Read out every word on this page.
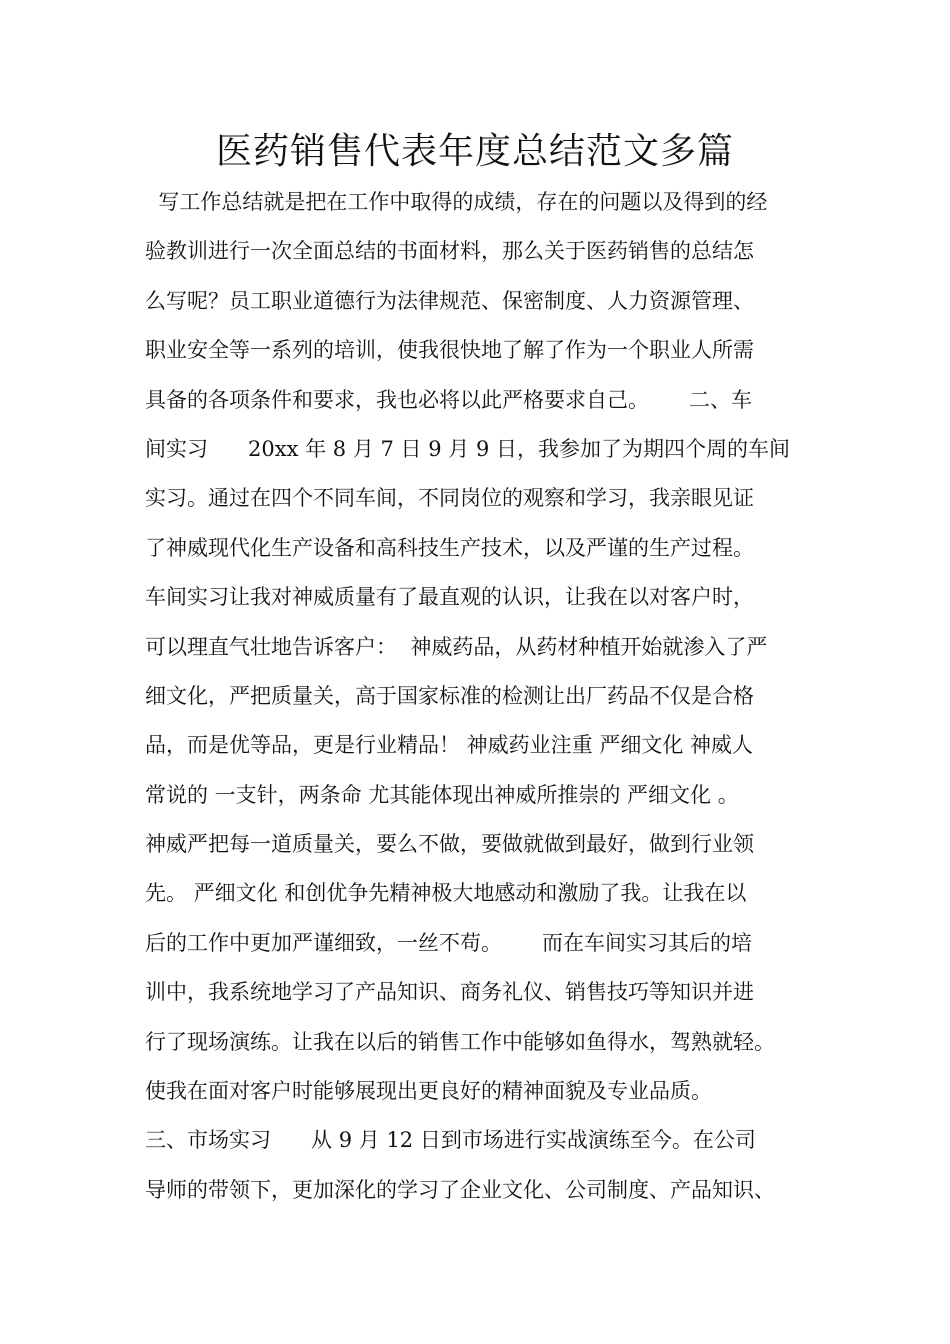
医药销售代表年度总结范文多篇
写工作总结就是把在工作中取得的成绩，存在的问题以及得到的经
验教训进行一次全面总结的书面材料，那么关于医药销售的总结怎
么写呢？员工职业道德行为法律规范、保密制度、人力资源管理、
职业安全等一系列的培训，使我很快地了解了作为一个职业人所需
具备的各项条件和要求，我也必将以此严格要求自己。      二、车
间实习      20xx 年 8 月 7 日 9 月 9 日，我参加了为期四个周的车间
实习。通过在四个不同车间，不同岗位的观察和学习，我亲眼见证
了神威现代化生产设备和高科技生产技术，以及严谨的生产过程。
车间实习让我对神威质量有了最直观的认识，让我在以对客户时，
可以理直气壮地告诉客户：  神威药品，从药材种植开始就渗入了严
细文化，严把质量关，高于国家标准的检测让出厂药品不仅是合格
品，而是优等品，更是行业精品！ 神威药业注重 严细文化 神威人
常说的 一支针，两条命 尤其能体现出神威所推崇的 严细文化 。
神威严把每一道质量关，要么不做，要做就做到最好，做到行业领
先。 严细文化 和创优争先精神极大地感动和激励了我。让我在以
后的工作中更加严谨细致，一丝不苟。      而在车间实习其后的培
训中，我系统地学习了产品知识、商务礼仪、销售技巧等知识并进
行了现场演练。让我在以后的销售工作中能够如鱼得水，驾熟就轻。
使我在面对客户时能够展现出更良好的精神面貌及专业品质。
三、市场实习      从 9 月 12 日到市场进行实战演练至今。在公司
导师的带领下，更加深化的学习了企业文化、公司制度、产品知识、
